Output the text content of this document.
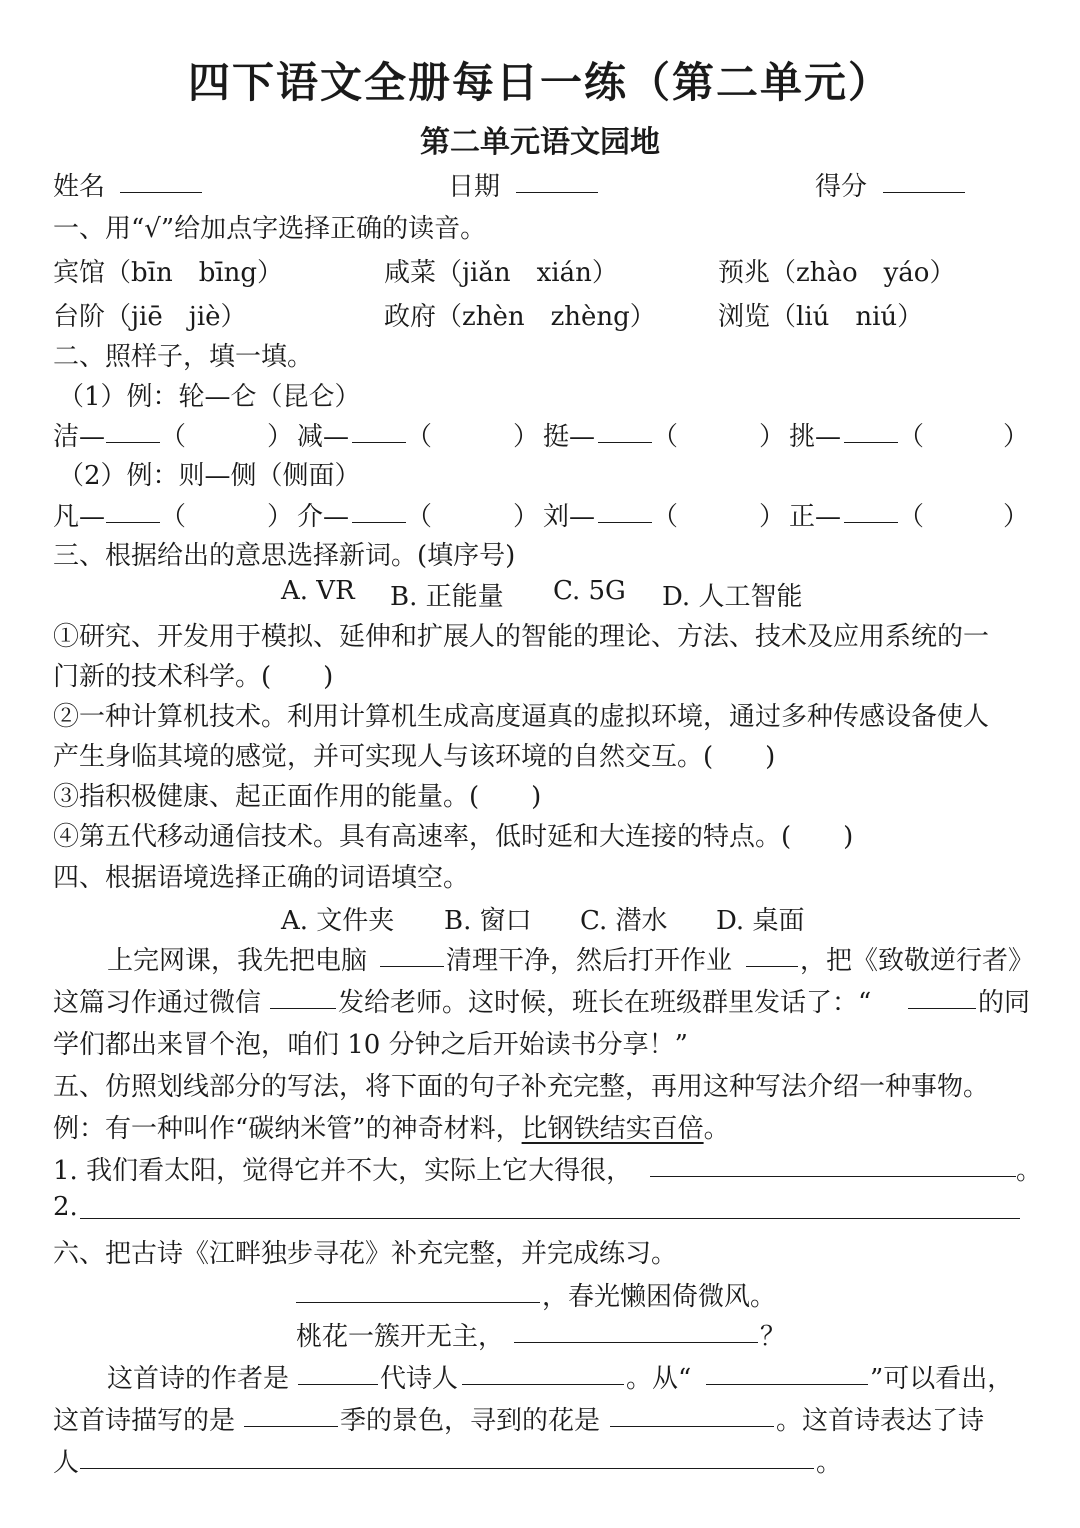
四下语文全册每日一练（第二单元）
第二单元语文园地
姓名	日期	得分
一、用“√”给加点字选择正确的读音。
宾馆（bīn　bīng）	咸菜（jiǎn　xián）	预兆（zhào　yáo）
台阶（jiē　jiè）	政府（zhèn　zhèng） 浏览（liú　niú）
二、照样子，填一填。
（1）例：轮—仑（昆仑）
洁— （	） 减— （	） 挺— （	） 挑— （	）
（2）例：则—侧（侧面）
凡— （	） 介— （	） 刘— （	） 正— （	）
三、根据给出的意思选择新词。(填序号)
A. VR B. 正能量 C. 5G D. 人工智能
①研究、开发用于模拟、延伸和扩展人的智能的理论、方法、技术及应用系统的一
门新的技术科学。(　　)
②一种计算机技术。利用计算机生成高度逼真的虚拟环境，通过多种传感设备使人
产生身临其境的感觉，并可实现人与该环境的自然交互。(　　)
③指积极健康、起正面作用的能量。(　　)
④第五代移动通信技术。具有高速率，低时延和大连接的特点。(　　)
四、根据语境选择正确的词语填空。
A. 文件夹 B. 窗口 C. 潜水 D. 桌面
上完网课，我先把电脑	清理干净，然后打开作业	，把《致敬逆行者》
这篇习作通过微信	发给老师。这时候，班长在班级群里发话了：“	的同
学们都出来冒个泡，咱们 10 分钟之后开始读书分享！”
五、仿照划线部分的写法，将下面的句子补充完整，再用这种写法介绍一种事物。
例：有一种叫作“碳纳米管”的神奇材料，比钢铁结实百倍。
1. 我们看太阳，觉得它并不大，实际上它大得很，	。
2.
六、把古诗《江畔独步寻花》补充完整，并完成练习。
，春光懒困倚微风。
桃花一簇开无主，	？
这首诗的作者是	代诗人	。从“	”可以看出，
这首诗描写的是	季的景色，寻到的花是	。这首诗表达了诗
人	。
